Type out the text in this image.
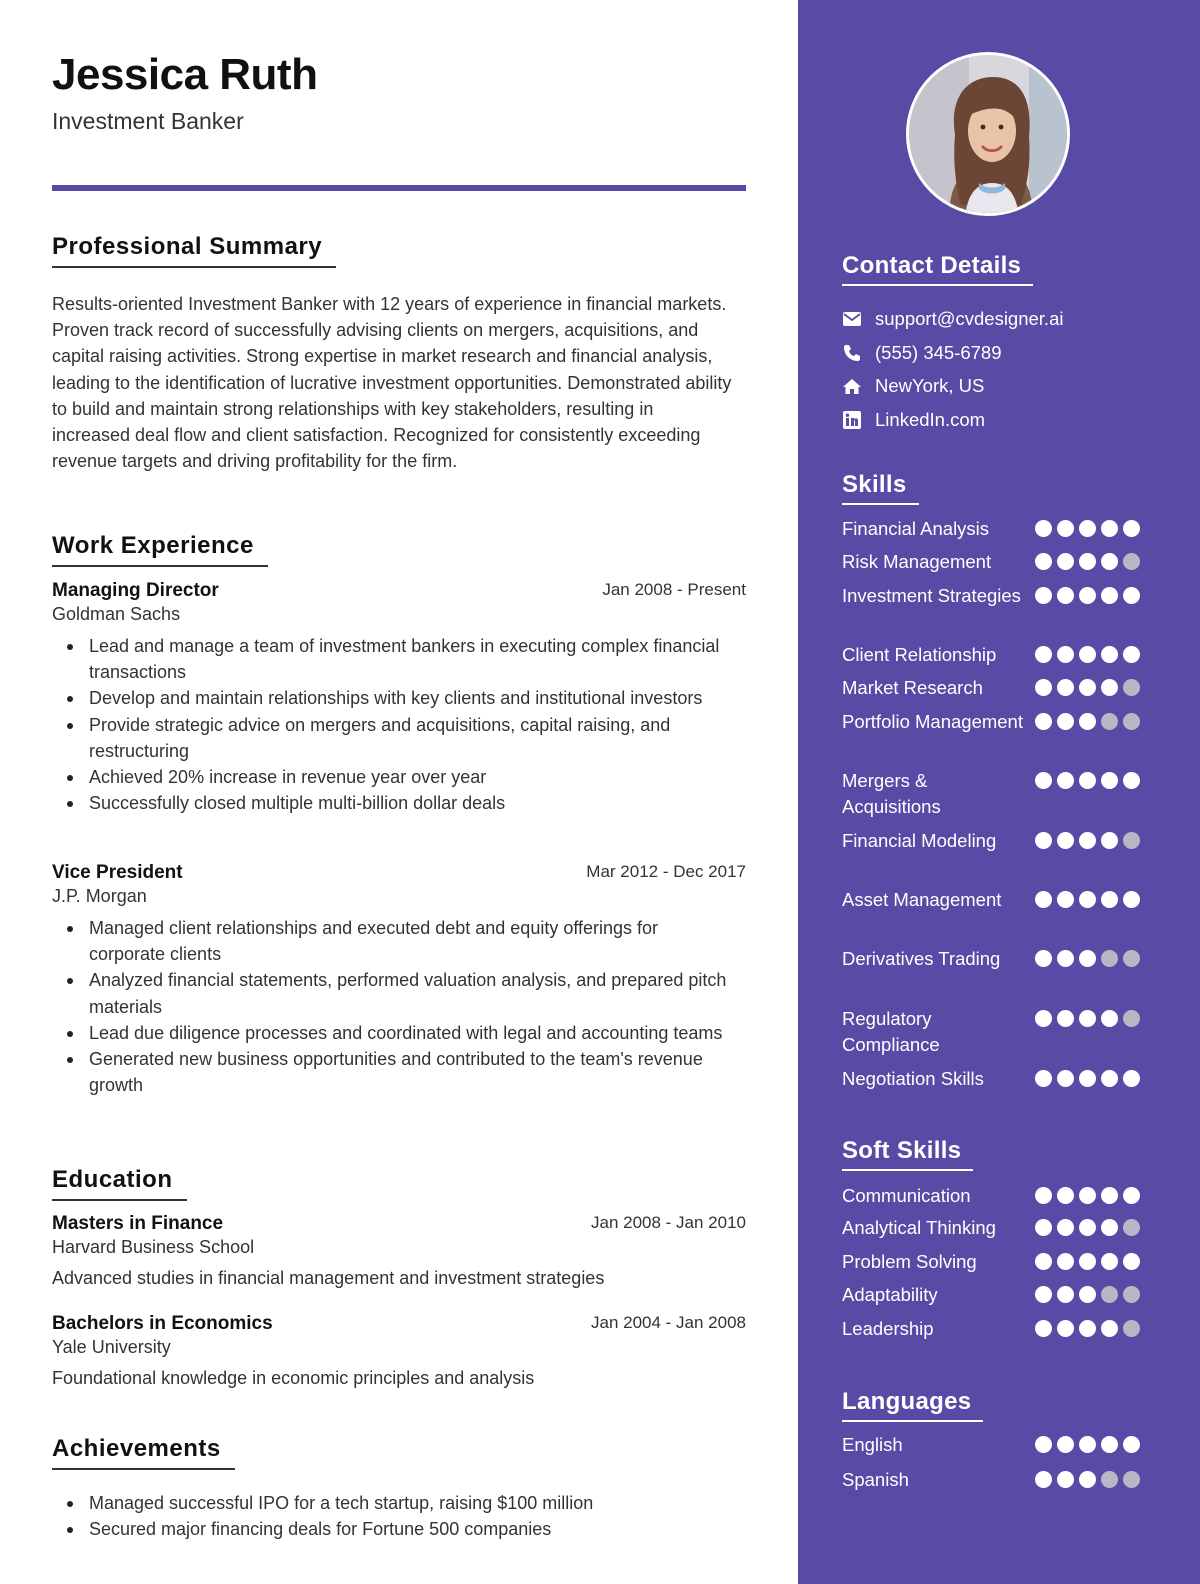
Jessica Ruth
Investment Banker
Professional Summary
Results-oriented Investment Banker with 12 years of experience in financial markets. Proven track record of successfully advising clients on mergers, acquisitions, and capital raising activities. Strong expertise in market research and financial analysis, leading to the identification of lucrative investment opportunities. Demonstrated ability to build and maintain strong relationships with key stakeholders, resulting in increased deal flow and client satisfaction. Recognized for consistently exceeding revenue targets and driving profitability for the firm.
Work Experience
Managing Director	Jan 2008 - Present
Goldman Sachs
Lead and manage a team of investment bankers in executing complex financial transactions
Develop and maintain relationships with key clients and institutional investors
Provide strategic advice on mergers and acquisitions, capital raising, and restructuring
Achieved 20% increase in revenue year over year
Successfully closed multiple multi-billion dollar deals
Vice President	Mar 2012 - Dec 2017
J.P. Morgan
Managed client relationships and executed debt and equity offerings for corporate clients
Analyzed financial statements, performed valuation analysis, and prepared pitch materials
Lead due diligence processes and coordinated with legal and accounting teams
Generated new business opportunities and contributed to the team's revenue growth
Education
Masters in Finance	Jan 2008 - Jan 2010
Harvard Business School
Advanced studies in financial management and investment strategies
Bachelors in Economics	Jan 2004 - Jan 2008
Yale University
Foundational knowledge in economic principles and analysis
Achievements
Managed successful IPO for a tech startup, raising $100 million
Secured major financing deals for Fortune 500 companies
Contact Details
support@cvdesigner.ai
(555) 345-6789
NewYork, US
LinkedIn.com
Skills
Financial Analysis
Risk Management
Investment Strategies
Client Relationship
Market Research
Portfolio Management
Mergers & Acquisitions
Financial Modeling
Asset Management
Derivatives Trading
Regulatory Compliance
Negotiation Skills
Soft Skills
Communication
Analytical Thinking
Problem Solving
Adaptability
Leadership
Languages
English
Spanish
